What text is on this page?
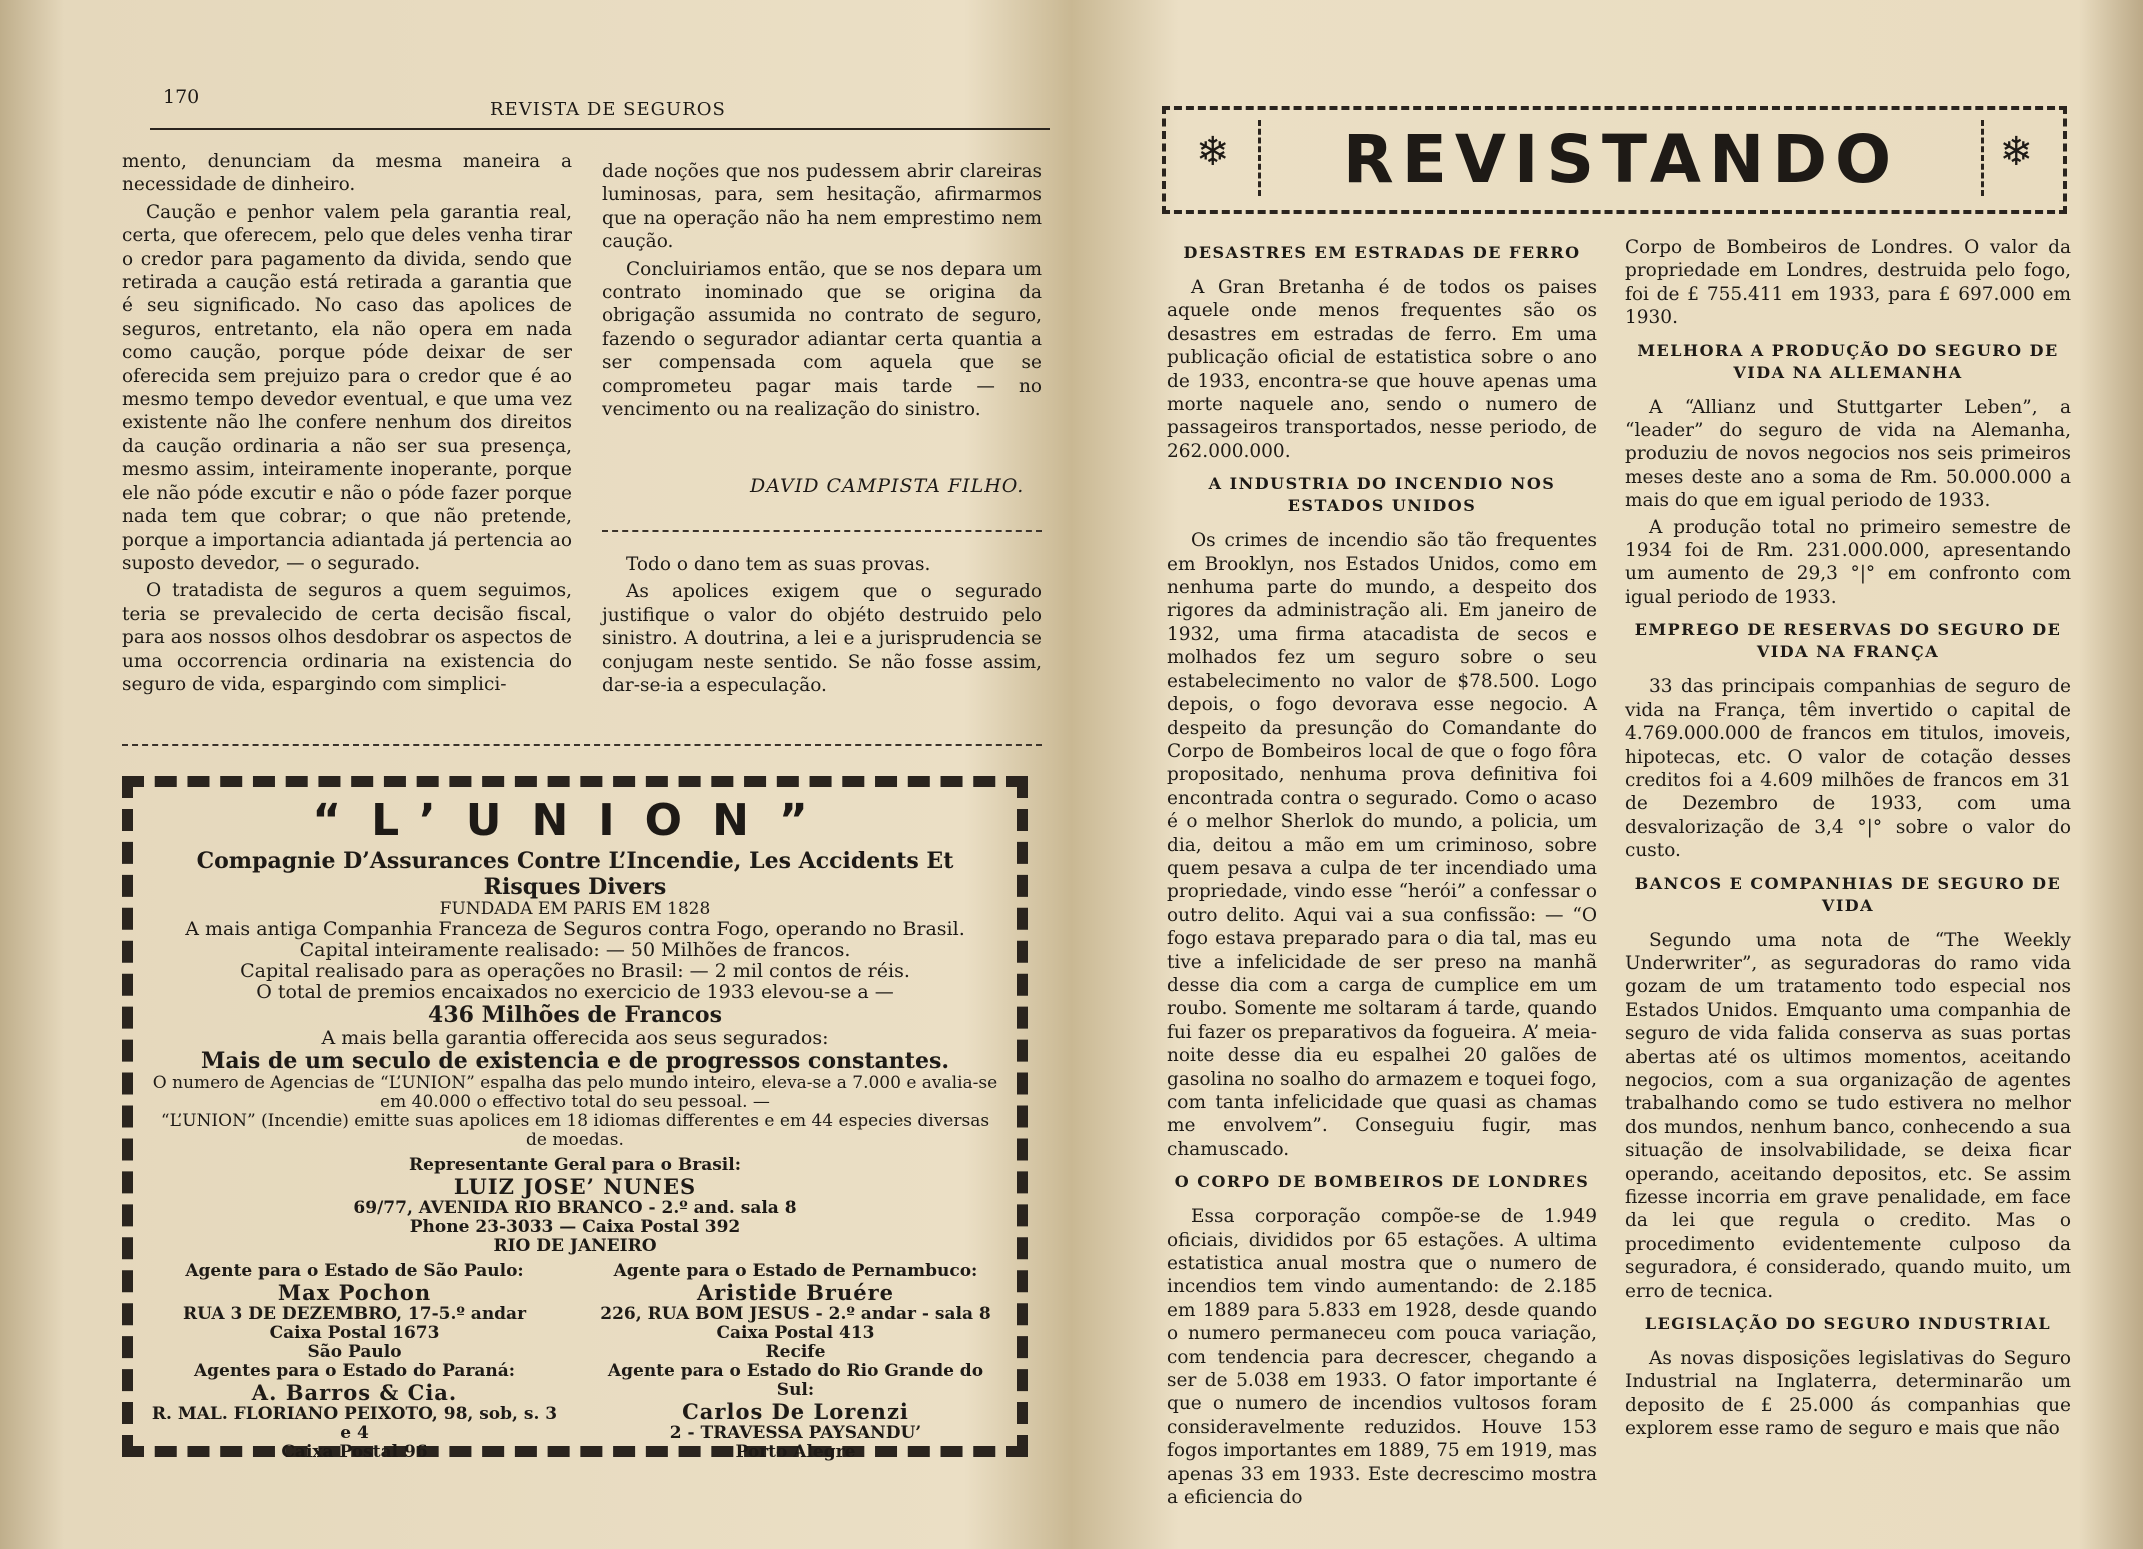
170
REVISTA DE SEGUROS

mento, denunciam da mesma maneira a necessidade de dinheiro.

Caução e penhor valem pela garantia real, certa, que oferecem, pelo que deles venha tirar o credor para pagamento da divida, sendo que retirada a caução está retirada a garantia que é seu significado. No caso das apolices de seguros, entretanto, ela não opera em nada como caução, porque póde deixar de ser oferecida sem prejuizo para o credor que é ao mesmo tempo devedor eventual, e que uma vez existente não lhe confere nenhum dos direitos da caução ordinaria a não ser sua presença, mesmo assim, inteiramente inoperante, porque ele não póde excutir e não o póde fazer porque nada tem que cobrar; o que não pretende, porque a importancia adiantada já pertencia ao suposto devedor, — o segurado.

O tratadista de seguros a quem seguimos, teria se prevalecido de certa decisão fiscal, para aos nossos olhos desdobrar os aspectos de uma occorrencia ordinaria na existencia do seguro de vida, espargindo com simplici-

dade noções que nos pudessem abrir clareiras luminosas, para, sem hesitação, afirmarmos que na operação não ha nem emprestimo nem caução.

Concluiriamos então, que se nos depara um contrato inominado que se origina da obrigação assumida no contrato de seguro, fazendo o segurador adiantar certa quantia a ser compensada com aquela que se comprometeu pagar mais tarde — no vencimento ou na realização do sinistro.

DAVID CAMPISTA FILHO.

Todo o dano tem as suas provas.

As apolices exigem que o segurado justifique o valor do objéto destruido pelo sinistro. A doutrina, a lei e a jurisprudencia se conjugam neste sentido. Se não fosse assim, dar-se-ia a especulação.

“L’UNION”
Compagnie D’Assurances Contre L’Incendie, Les Accidents Et Risques Divers
FUNDADA EM PARIS EM 1828
A mais antiga Companhia Franceza de Seguros contra Fogo, operando no Brasil.
Capital inteiramente realisado: — 50 Milhões de francos.
Capital realisado para as operações no Brasil: — 2 mil contos de réis.
O total de premios encaixados no exercicio de 1933 elevou-se a —
436 Milhões de Francos
A mais bella garantia offerecida aos seus segurados:
Mais de um seculo de existencia e de progressos constantes.
O numero de Agencias de “L’UNION” espalha das pelo mundo inteiro, eleva-se a 7.000 e avalia-se em 40.000 o effectivo total do seu pessoal. —
“L’UNION” (Incendie) emitte suas apolices em 18 idiomas differentes e em 44 especies diversas de moedas.
Representante Geral para o Brasil:
LUIZ JOSE’ NUNES
69/77, AVENIDA RIO BRANCO - 2.º and. sala 8
Phone 23-3033 — Caixa Postal 392
RIO DE JANEIRO
Agente para o Estado de São Paulo:
Max Pochon
RUA 3 DE DEZEMBRO, 17-5.º andar
Caixa Postal 1673
São Paulo
Agentes para o Estado do Paraná:
A. Barros & Cia.
R. MAL. FLORIANO PEIXOTO, 98, sob, s. 3 e 4
Caixa Postal 96
Agente para o Estado de Pernambuco:
Aristide Bruére
226, RUA BOM JESUS - 2.º andar - sala 8
Caixa Postal 413
Recife
Agente para o Estado do Rio Grande do Sul:
Carlos De Lorenzi
2 - TRAVESSA PAYSANDU’
Porto Alegre
❄	REVISTANDO	❄
DESASTRES EM ESTRADAS DE FERRO

A Gran Bretanha é de todos os paises aquele onde menos frequentes são os desastres em estradas de ferro. Em uma publicação oficial de estatistica sobre o ano de 1933, encontra-se que houve apenas uma morte naquele ano, sendo o numero de passageiros transportados, nesse periodo, de 262.000.000.

A INDUSTRIA DO INCENDIO NOS ESTADOS UNIDOS

Os crimes de incendio são tão frequentes em Brooklyn, nos Estados Unidos, como em nenhuma parte do mundo, a despeito dos rigores da administração ali. Em janeiro de 1932, uma firma atacadista de secos e molhados fez um seguro sobre o seu estabelecimento no valor de $78.500. Logo depois, o fogo devorava esse negocio. A despeito da presunção do Comandante do Corpo de Bombeiros local de que o fogo fôra propositado, nenhuma prova definitiva foi encontrada contra o segurado. Como o acaso é o melhor Sherlok do mundo, a policia, um dia, deitou a mão em um criminoso, sobre quem pesava a culpa de ter incendiado uma propriedade, vindo esse “herói” a confessar o outro delito. Aqui vai a sua confissão: — “O fogo estava preparado para o dia tal, mas eu tive a infelicidade de ser preso na manhã desse dia com a carga de cumplice em um roubo. Somente me soltaram á tarde, quando fui fazer os preparativos da fogueira. A’ meia-noite desse dia eu espalhei 20 galões de gasolina no soalho do armazem e toquei fogo, com tanta infelicidade que quasi as chamas me envolvem”. Conseguiu fugir, mas chamuscado.

O CORPO DE BOMBEIROS DE LONDRES

Essa corporação compõe-se de 1.949 oficiais, divididos por 65 estações. A ultima estatistica anual mostra que o numero de incendios tem vindo aumentando: de 2.185 em 1889 para 5.833 em 1928, desde quando o numero permaneceu com pouca variação, com tendencia para decrescer, chegando a ser de 5.038 em 1933. O fator importante é que o numero de incendios vultosos foram consideravelmente reduzidos. Houve 153 fogos importantes em 1889, 75 em 1919, mas apenas 33 em 1933. Este decrescimo mostra a eficiencia do

Corpo de Bombeiros de Londres. O valor da propriedade em Londres, destruida pelo fogo, foi de £ 755.411 em 1933, para £ 697.000 em 1930.

MELHORA A PRODUÇÃO DO SEGURO DE VIDA NA ALLEMANHA

A “Allianz und Stuttgarter Leben”, a “leader” do seguro de vida na Alemanha, produziu de novos negocios nos seis primeiros meses deste ano a soma de Rm. 50.000.000 a mais do que em igual periodo de 1933.

A produção total no primeiro semestre de 1934 foi de Rm. 231.000.000, apresentando um aumento de 29,3 °|° em confronto com igual periodo de 1933.

EMPREGO DE RESERVAS DO SEGURO DE VIDA NA FRANÇA

33 das principais companhias de seguro de vida na França, têm invertido o capital de 4.769.000.000 de francos em titulos, imoveis, hipotecas, etc. O valor de cotação desses creditos foi a 4.609 milhões de francos em 31 de Dezembro de 1933, com uma desvalorização de 3,4 °|° sobre o valor do custo.

BANCOS E COMPANHIAS DE SEGURO DE VIDA

Segundo uma nota de “The Weekly Underwriter”, as seguradoras do ramo vida gozam de um tratamento todo especial nos Estados Unidos. Emquanto uma companhia de seguro de vida falida conserva as suas portas abertas até os ultimos momentos, aceitando negocios, com a sua organização de agentes trabalhando como se tudo estivera no melhor dos mundos, nenhum banco, conhecendo a sua situação de insolvabilidade, se deixa ficar operando, aceitando depositos, etc. Se assim fizesse incorria em grave penalidade, em face da lei que regula o credito. Mas o procedimento evidentemente culposo da seguradora, é considerado, quando muito, um erro de tecnica.

LEGISLAÇÃO DO SEGURO INDUSTRIAL

As novas disposições legislativas do Seguro Industrial na Inglaterra, determinarão um deposito de £ 25.000 ás companhias que explorem esse ramo de seguro e mais que não
